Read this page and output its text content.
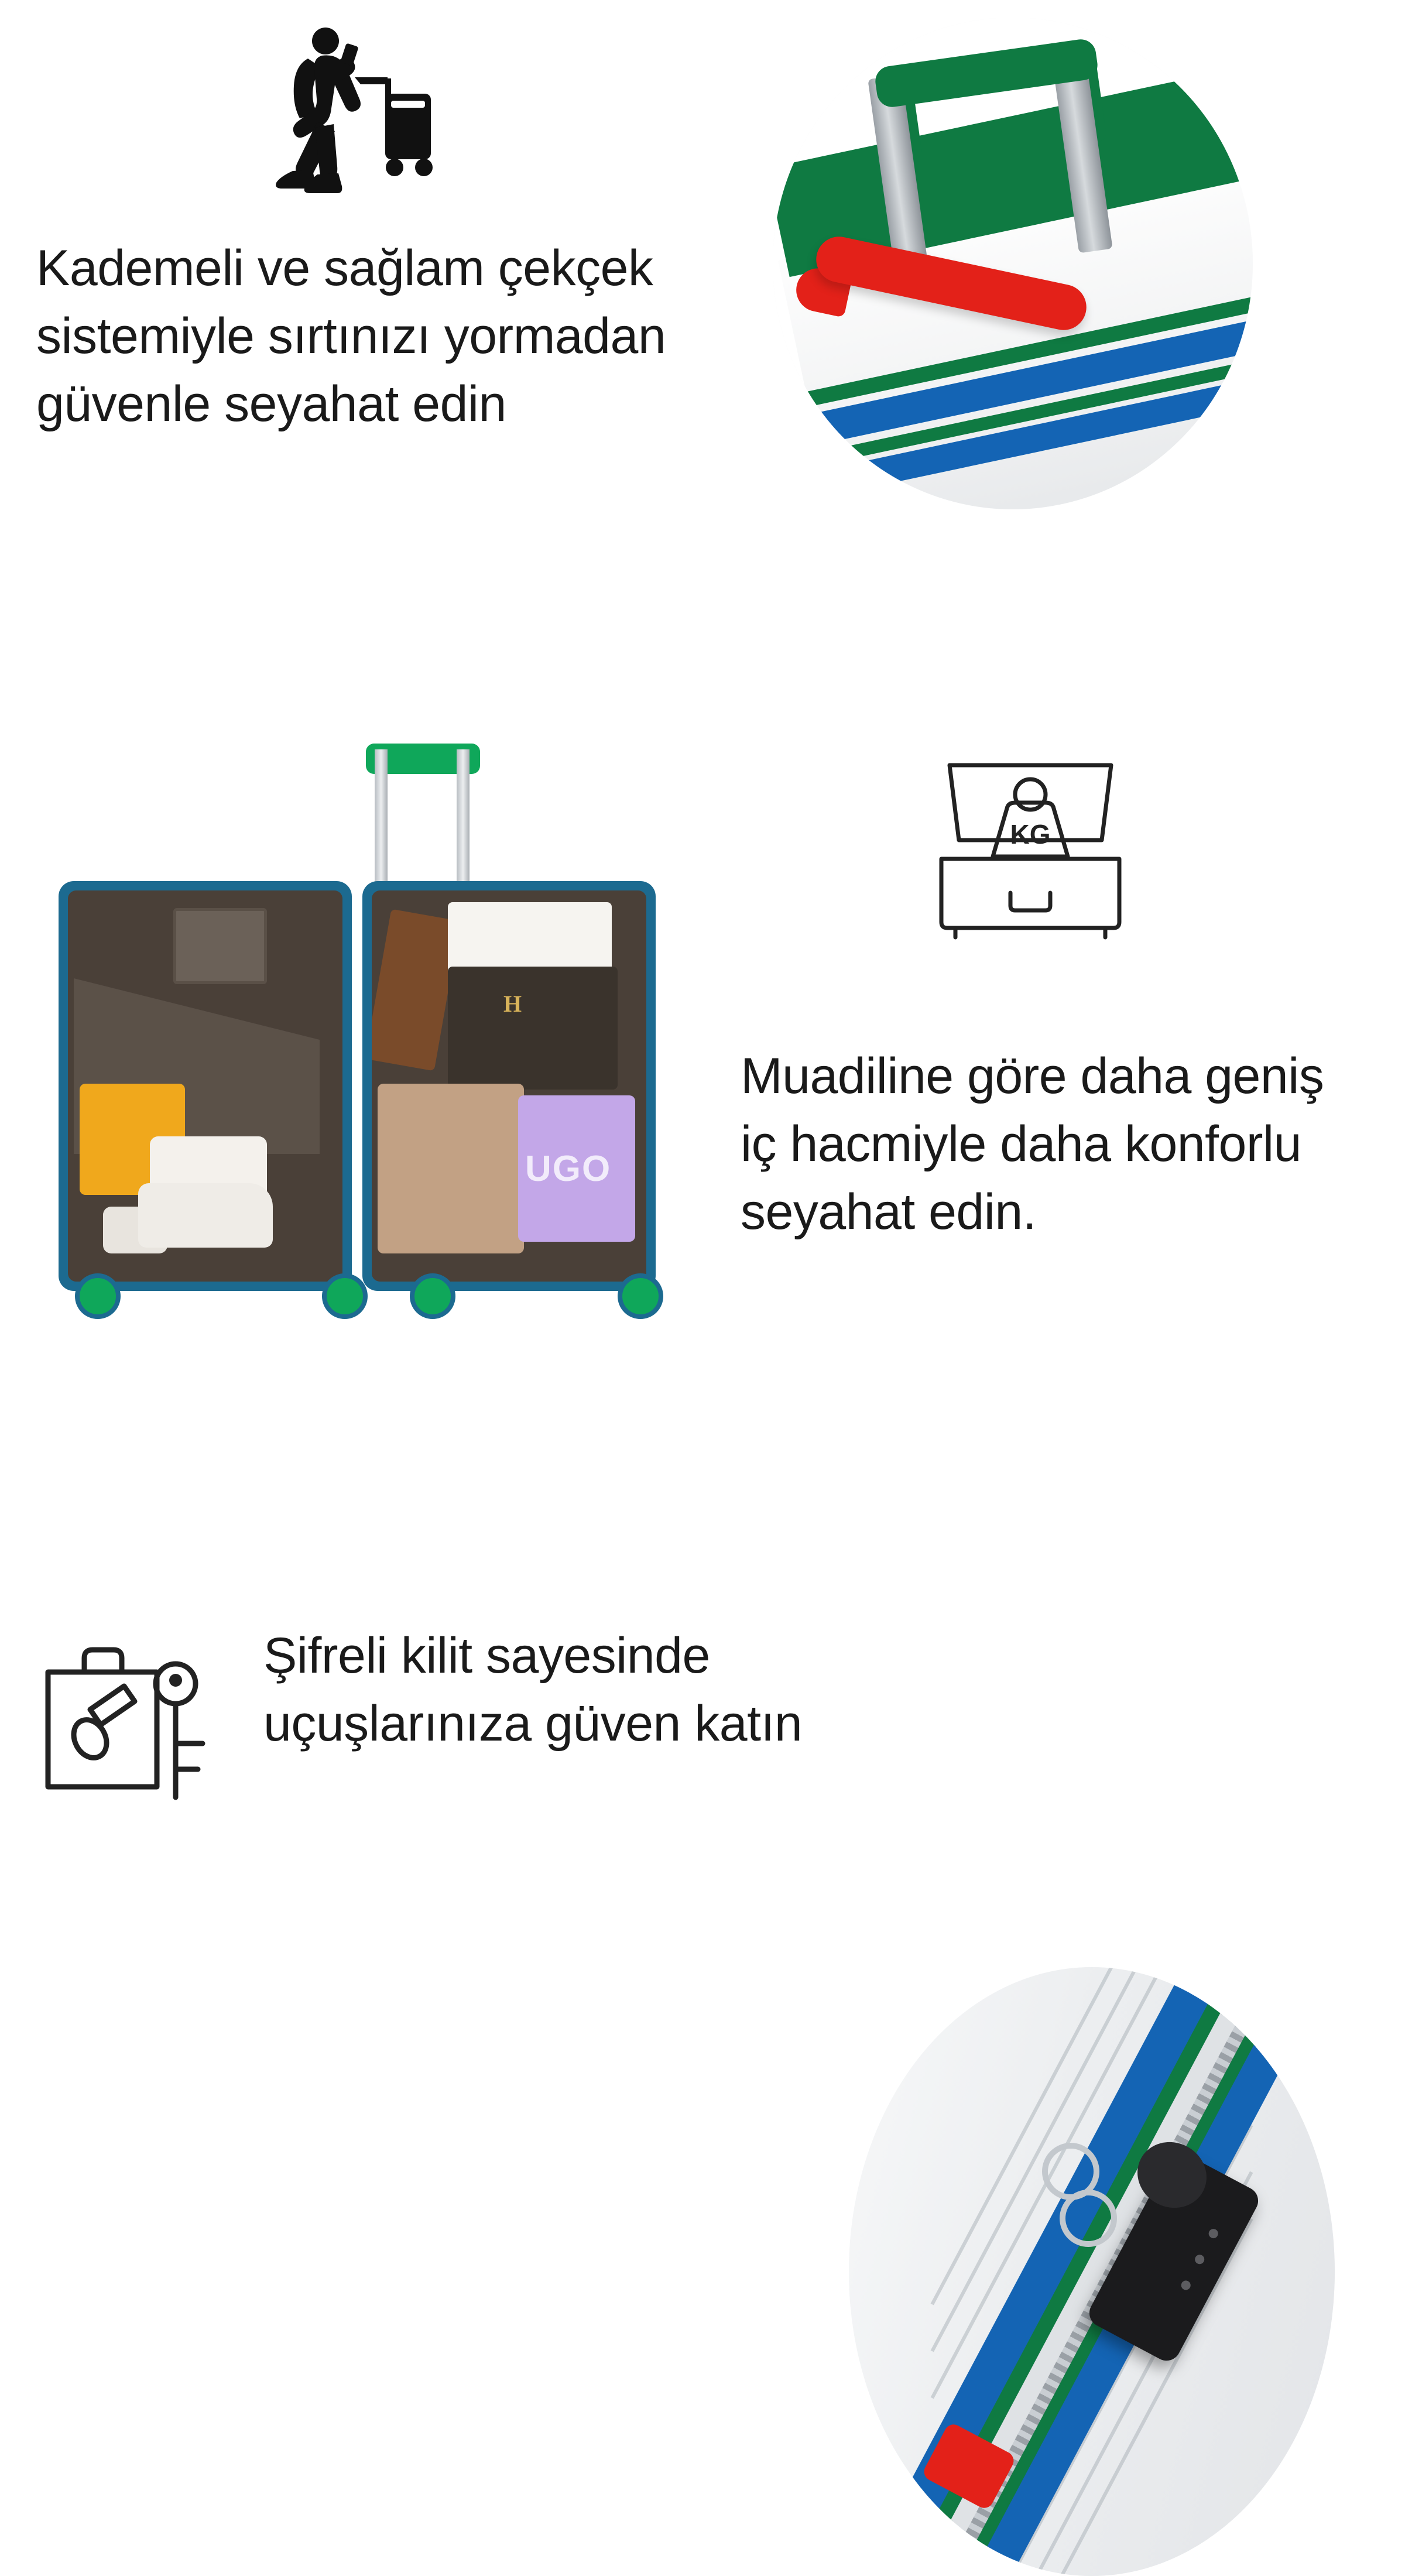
Kademeli ve sağlam çekçek sistemiyle sırtınızı yormadan güvenle seyahat edin
H
UGO
KG
Muadiline göre daha geniş iç hacmiyle daha konforlu seyahat edin.
Şifreli kilit sayesinde uçuşlarınıza güven katın
